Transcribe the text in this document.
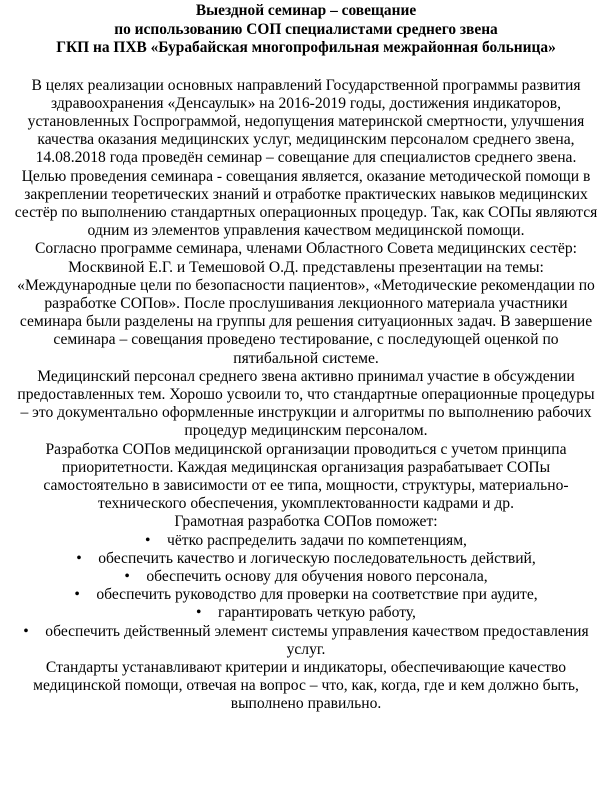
Выездной семинар – совещание
по использованию СОП специалистами среднего звена
ГКП на ПХВ «Бурабайская многопрофильная межрайонная больница»

В целях реализации основных направлений Государственной программы развития здравоохранения «Денсаулык» на 2016-2019 годы, достижения индикаторов, установленных Госпрограммой, недопущения материнской смертности, улучшения качества оказания медицинских услуг, медицинским персоналом среднего звена, 14.08.2018 года проведён семинар – совещание для специалистов среднего звена.

Целью проведения семинара - совещания является, оказание методической помощи в закреплении теоретических знаний и отработке практических навыков медицинских сестёр по выполнению стандартных операционных процедур. Так, как СОПы являются одним из элементов управления качеством медицинской помощи.

Согласно программе семинара, членами Областного Совета медицинских сестёр: Москвиной Е.Г. и Темешовой О.Д. представлены презентации на темы: «Международные цели по безопасности пациентов», «Методические рекомендации по разработке СОПов». После прослушивания лекционного материала участники семинара были разделены на группы для решения ситуационных задач. В завершение семинара – совещания проведено тестирование, с последующей оценкой по пятибальной системе.

Медицинский персонал среднего звена активно принимал участие в обсуждении предоставленных тем. Хорошо усвоили то, что стандартные операционные процедуры – это документально оформленные инструкции и алгоритмы по выполнению рабочих процедур медицинским персоналом.

Разработка СОПов медицинской организации проводиться с учетом принципа приоритетности. Каждая медицинская организация разрабатывает СОПы самостоятельно в зависимости от ее типа, мощности, структуры, материально-технического обеспечения, укомплектованности кадрами и др.

Грамотная разработка СОПов поможет:

• чётко распределить задачи по компетенциям,
• обеспечить качество и логическую последовательность действий,
• обеспечить основу для обучения нового персонала,
• обеспечить руководство для проверки на соответствие при аудите,
• гарантировать четкую работу,
• обеспечить действенный элемент системы управления качеством предоставления услуг.

Стандарты устанавливают критерии и индикаторы, обеспечивающие качество медицинской помощи, отвечая на вопрос – что, как, когда, где и кем должно быть, выполнено правильно.
